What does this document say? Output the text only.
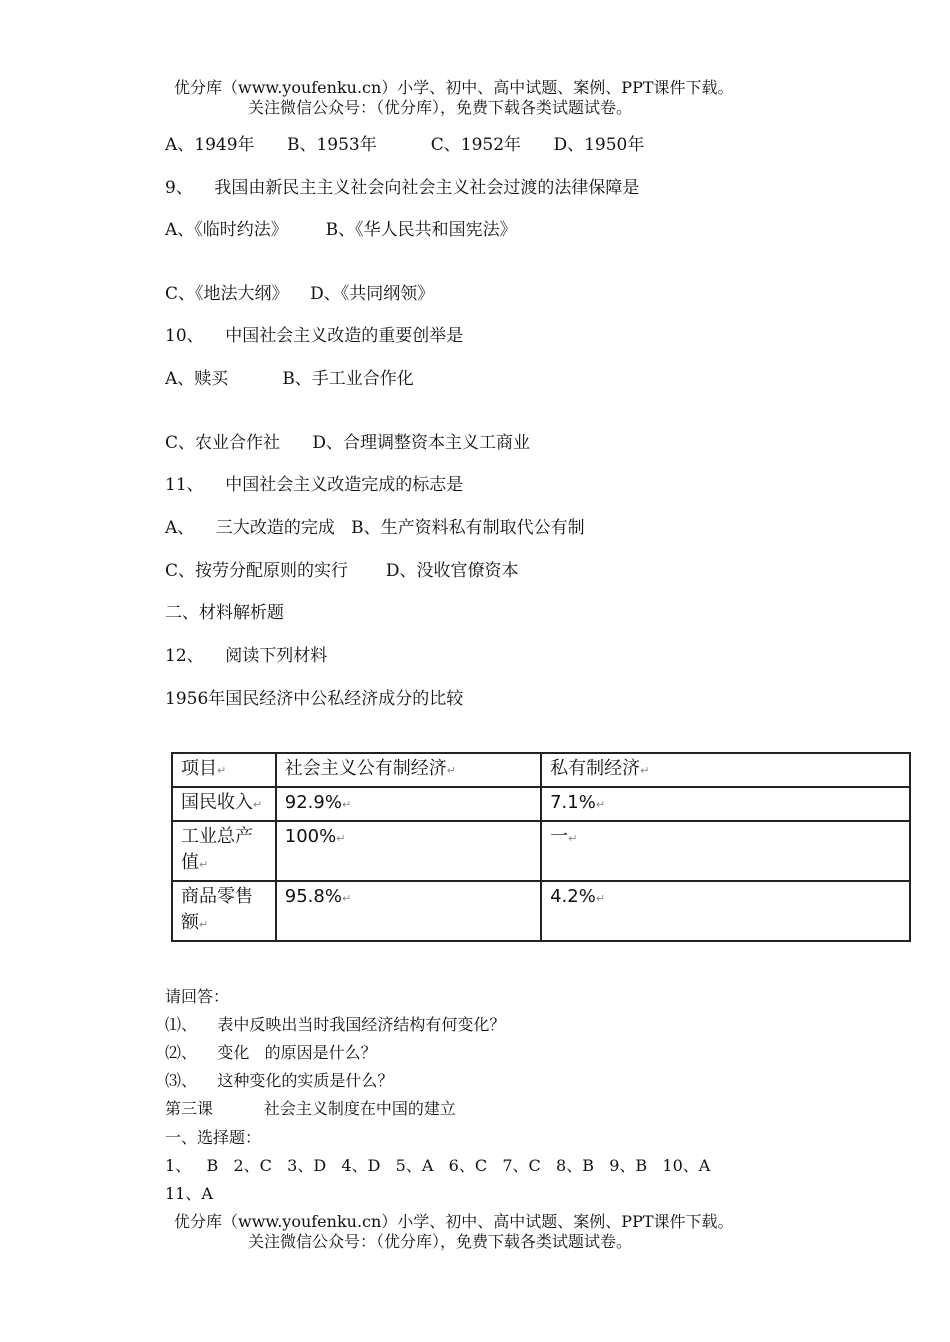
优分库（www.youfenku.cn）小学、初中、高中试题、案例、PPT课件下载。
关注微信公众号：（优分库），免费下载各类试题试卷。
A、1949年      B、1953年          C、1952年      D、1950年
9、    我国由新民主主义社会向社会主义社会过渡的法律保障是
A、《临时约法》       B、《华人民共和国宪法》
C、《地法大纲》    D、《共同纲领》
10、    中国社会主义改造的重要创举是
A、赎买          B、手工业合作化
C、农业合作社      D、合理调整资本主义工商业
11、    中国社会主义改造完成的标志是
A、    三大改造的完成   B、生产资料私有制取代公有制
C、按劳分配原则的实行       D、没收官僚资本
二、材料解析题
12、    阅读下列材料
1956年国民经济中公私经济成分的比较
项目↵	社会主义公有制经济↵	私有制经济↵
国民收入↵	92.9%↵	7.1%↵
工业总产
值↵	100%↵	一↵
商品零售
额↵	95.8%↵	4.2%↵
请回答：
⑴、    表中反映出当时我国经济结构有何变化？
⑵、    变化   的原因是什么？
⑶、    这种变化的实质是什么？
第三课          社会主义制度在中国的建立
一、选择题：
1、   B   2、C   3、D   4、D   5、A   6、C   7、C   8、B   9、B   10、A
11、A
优分库（www.youfenku.cn）小学、初中、高中试题、案例、PPT课件下载。
关注微信公众号：（优分库），免费下载各类试题试卷。
